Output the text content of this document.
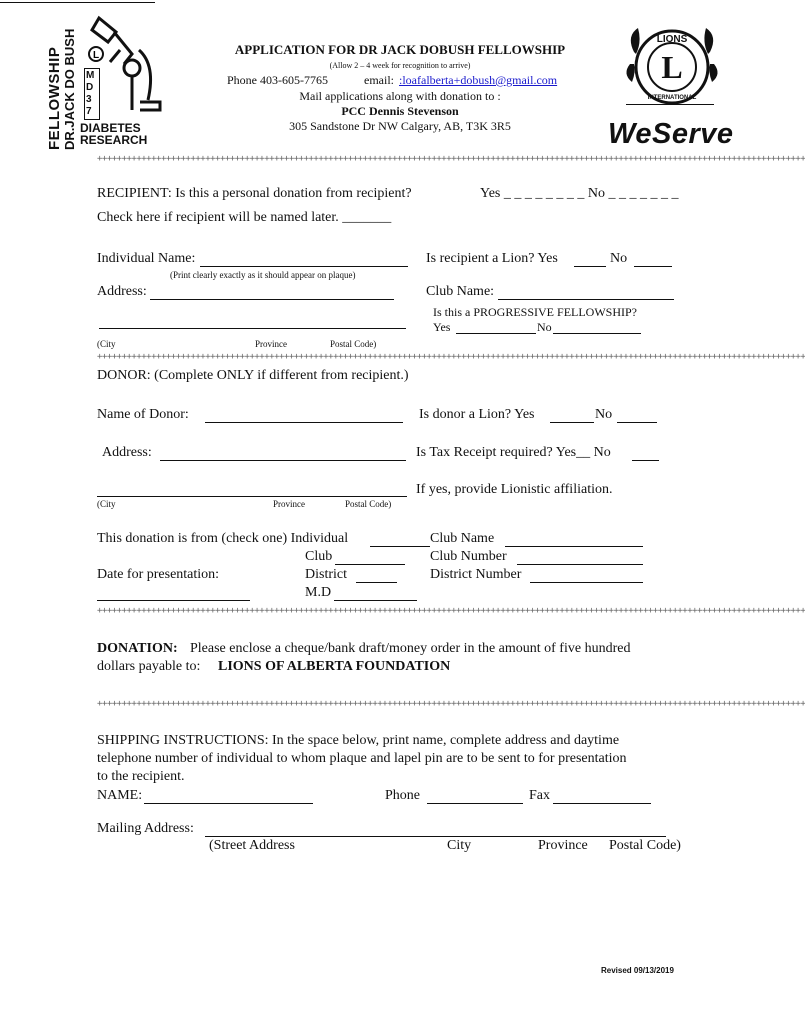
L
FELLOWSHIP DR.JACK DO BUSH M D 3 7
DIABETES
RESEARCH
APPLICATION FOR DR JACK DOBUSH FELLOWSHIP
(Allow 2 – 4 week for recognition to arrive)
Phone 403-605-7765	email: :loafalberta+dobush@gmail.com
Mail applications along with donation to :
PCC Dennis Stevenson
305 Sandstone Dr NW Calgary, AB, T3K 3R5
L
LIONS
INTERNATIONAL
WeServe
++++++++++++++++++++++++++++++++++++++++++++++++++++++++++++++++++++++++++++++++++++++++++++++++++++++++++++++++++++++++++++++++++++++++++++++++
RECIPIENT: Is this a personal donation from recipient?	Yes _ _ _ _ _ _ _ _ No _ _ _ _ _ _ _
Check here if recipient will be named later. _______
Individual Name:	Is recipient a Lion? Yes	No
(Print clearly exactly as it should appear on plaque)
Address:	Club Name:
Is this a PROGRESSIVE FELLOWSHIP?
Yes	No
(City	Province	Postal Code)
++++++++++++++++++++++++++++++++++++++++++++++++++++++++++++++++++++++++++++++++++++++++++++++++++++++++++++++++++++++++++++++++++++++++++++++++
DONOR: (Complete ONLY if different from recipient.)
Name of Donor:	Is donor a Lion? Yes	No
Address:	Is Tax Receipt required? Yes__ No
If yes, provide Lionistic affiliation.
(City	Province	Postal Code)
This donation is from (check one) Individual	Club Name
Club	Club Number
Date for presentation:	District	District Number
M.D
++++++++++++++++++++++++++++++++++++++++++++++++++++++++++++++++++++++++++++++++++++++++++++++++++++++++++++++++++++++++++++++++++++++++++++++++
DONATION: Please enclose a cheque/bank draft/money order in the amount of five hundred
dollars payable to: LIONS OF ALBERTA FOUNDATION
++++++++++++++++++++++++++++++++++++++++++++++++++++++++++++++++++++++++++++++++++++++++++++++++++++++++++++++++++++++++++++++++++++++++++++++++
SHIPPING INSTRUCTIONS: In the space below, print name, complete address and daytime
telephone number of individual to whom plaque and lapel pin are to be sent to for presentation
to the recipient.
NAME:	Phone	Fax
Mailing Address:
(Street Address	City	Province Postal Code)
Revised 09/13/2019
